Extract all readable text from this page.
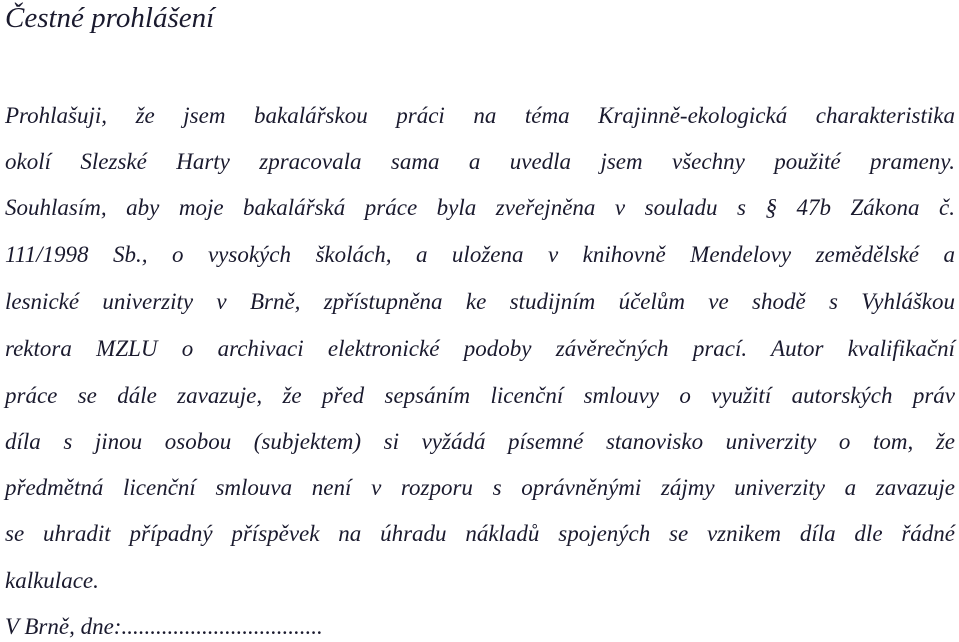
Čestné prohlášení
Prohlašuji, že jsem bakalářskou práci na téma Krajinně-ekologická charakteristika
okolí Slezské Harty zpracovala sama a uvedla jsem všechny použité prameny.
Souhlasím, aby moje bakalářská práce byla zveřejněna v souladu s § 47b Zákona č.
111/1998 Sb., o vysokých školách, a uložena v knihovně Mendelovy zemědělské a
lesnické univerzity v Brně, zpřístupněna ke studijním účelům ve shodě s Vyhláškou
rektora MZLU o archivaci elektronické podoby závěrečných prací. Autor kvalifikační
práce se dále zavazuje, že před sepsáním licenční smlouvy o využití autorských práv
díla s jinou osobou (subjektem) si vyžádá písemné stanovisko univerzity o tom, že
předmětná licenční smlouva není v rozporu s oprávněnými zájmy univerzity a zavazuje
se uhradit případný příspěvek na úhradu nákladů spojených se vznikem díla dle řádné
kalkulace.
V Brně, dne:...................................
